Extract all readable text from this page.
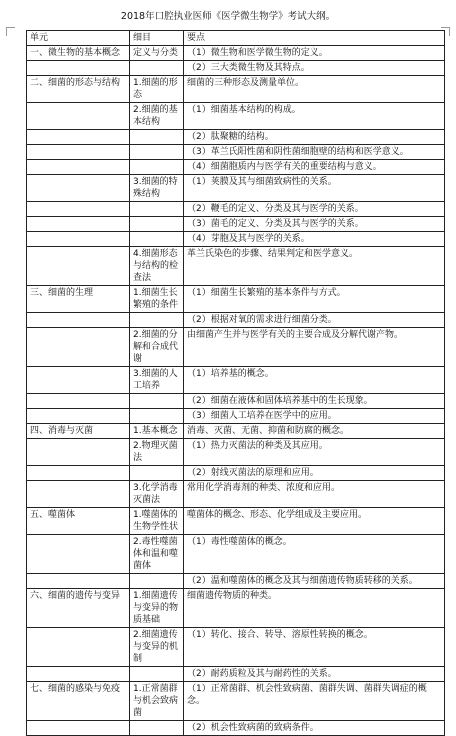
2018年口腔执业医师《医学微生物学》考试大纲。
单元	细目	要点
一、微生物的基本概念	定义与分类	（1）微生物和医学微生物的定义。
		（2）三大类微生物及其特点。
二、细菌的形态与结构	1.细菌的形态	细菌的三种形态及测量单位。
	2.细菌的基本结构	（1）细菌基本结构的构成。
		（2）肽聚糖的结构。
		（3）革兰氏阳性菌和阴性菌细胞壁的结构和医学意义。
		（4）细菌胞质内与医学有关的重要结构与意义。
	3.细菌的特殊结构	（1）荚膜及其与细菌致病性的关系。
		（2）鞭毛的定义、分类及其与医学的关系。
		（3）菌毛的定义、分类及其与医学的关系。
		（4）芽胞及其与医学的关系。
	4.细菌形态与结构的检查法	革兰氏染色的步骤、结果判定和医学意义。
三、细菌的生理	1.细菌生长繁殖的条件	（1）细菌生长繁殖的基本条件与方式。
		（2）根据对氧的需求进行细菌分类。
	2.细菌的分解和合成代谢	由细菌产生并与医学有关的主要合成及分解代谢产物。
	3.细菌的人工培养	（1）培养基的概念。
		（2）细菌在液体和固体培养基中的生长现象。
		（3）细菌人工培养在医学中的应用。
四、消毒与灭菌	1.基本概念	消毒、灭菌、无菌、抑菌和防腐的概念。
	2.物理灭菌法	（1）热力灭菌法的种类及其应用。
		（2）射线灭菌法的原理和应用。
	3.化学消毒灭菌法	常用化学消毒剂的种类、浓度和应用。
五、噬菌体	1.噬菌体的生物学性状	噬菌体的概念、形态、化学组成及主要应用。
	2.毒性噬菌体和温和噬菌体	（1）毒性噬菌体的概念。
		（2）温和噬菌体的概念及其与细菌遗传物质转移的关系。
六、细菌的遗传与变异	1.细菌遗传与变异的物质基础	细菌遗传物质的种类。
	2.细菌遗传与变异的机制	（1）转化、接合、转导、溶原性转换的概念。
		（2）耐药质粒及其与耐药性的关系。
七、细菌的感染与免疫	1.正常菌群与机会致病菌	（1）正常菌群、机会性致病菌、菌群失调、菌群失调症的概念。
		（2）机会性致病菌的致病条件。
